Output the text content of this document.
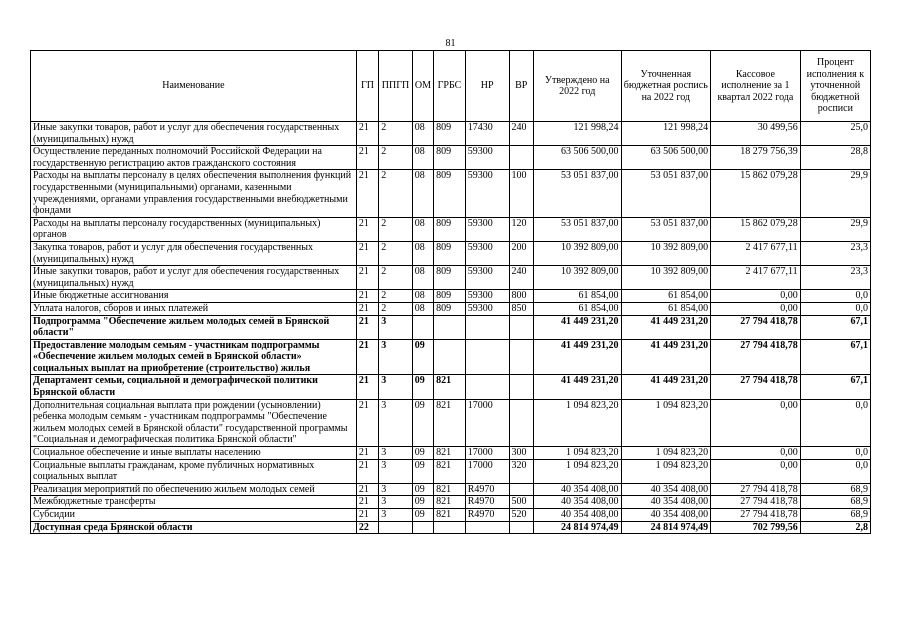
81
Наименование	ГП	ППГП	ОМ	ГРБС	НР	ВР	Утверждено на 2022 год	Уточненная бюджетная роспись на 2022 год	Кассовое исполнение за 1 квартал 2022 года	Процент исполнения к уточненной бюджетной росписи
Иные закупки товаров, работ и услуг для обеспечения государственных (муниципальных) нужд	21	2	08	809	17430	240	121 998,24	121 998,24	30 499,56	25,0
Осуществление переданных полномочий Российской Федерации на государственную регистрацию актов гражданского состояния	21	2	08	809	59300		63 506 500,00	63 506 500,00	18 279 756,39	28,8
Расходы на выплаты персоналу в целях обеспечения выполнения функций государственными (муниципальными) органами, казенными учреждениями, органами управления государственными внебюджетными фондами	21	2	08	809	59300	100	53 051 837,00	53 051 837,00	15 862 079,28	29,9
Расходы на выплаты персоналу государственных (муниципальных) органов	21	2	08	809	59300	120	53 051 837,00	53 051 837,00	15 862 079,28	29,9
Закупка товаров, работ и услуг для обеспечения государственных (муниципальных) нужд	21	2	08	809	59300	200	10 392 809,00	10 392 809,00	2 417 677,11	23,3
Иные закупки товаров, работ и услуг для обеспечения государственных (муниципальных) нужд	21	2	08	809	59300	240	10 392 809,00	10 392 809,00	2 417 677,11	23,3
Иные бюджетные ассигнования	21	2	08	809	59300	800	61 854,00	61 854,00	0,00	0,0
Уплата налогов, сборов и иных платежей	21	2	08	809	59300	850	61 854,00	61 854,00	0,00	0,0
Подпрограмма "Обеспечение жильем молодых семей в Брянской области"	21	3					41 449 231,20	41 449 231,20	27 794 418,78	67,1
Предоставление молодым семьям - участникам подпрограммы «Обеспечение жильем молодых семей в Брянской области» социальных выплат на приобретение (строительство) жилья	21	3	09				41 449 231,20	41 449 231,20	27 794 418,78	67,1
Департамент семьи, социальной и демографической политики Брянской области	21	3	09	821			41 449 231,20	41 449 231,20	27 794 418,78	67,1
Дополнительная социальная выплата при рождении (усыновлении) ребенка молодым семьям - участникам подпрограммы "Обеспечение жильем молодых семей в Брянской области" государственной программы "Социальная и демографическая политика Брянской области"	21	3	09	821	17000		1 094 823,20	1 094 823,20	0,00	0,0
Социальное обеспечение и иные выплаты населению	21	3	09	821	17000	300	1 094 823,20	1 094 823,20	0,00	0,0
Социальные выплаты гражданам, кроме публичных нормативных социальных выплат	21	3	09	821	17000	320	1 094 823,20	1 094 823,20	0,00	0,0
Реализация мероприятий по обеспечению жильем молодых семей	21	3	09	821	R4970		40 354 408,00	40 354 408,00	27 794 418,78	68,9
Межбюджетные трансферты	21	3	09	821	R4970	500	40 354 408,00	40 354 408,00	27 794 418,78	68,9
Субсидии	21	3	09	821	R4970	520	40 354 408,00	40 354 408,00	27 794 418,78	68,9
Доступная среда Брянской области	22						24 814 974,49	24 814 974,49	702 799,56	2,8
